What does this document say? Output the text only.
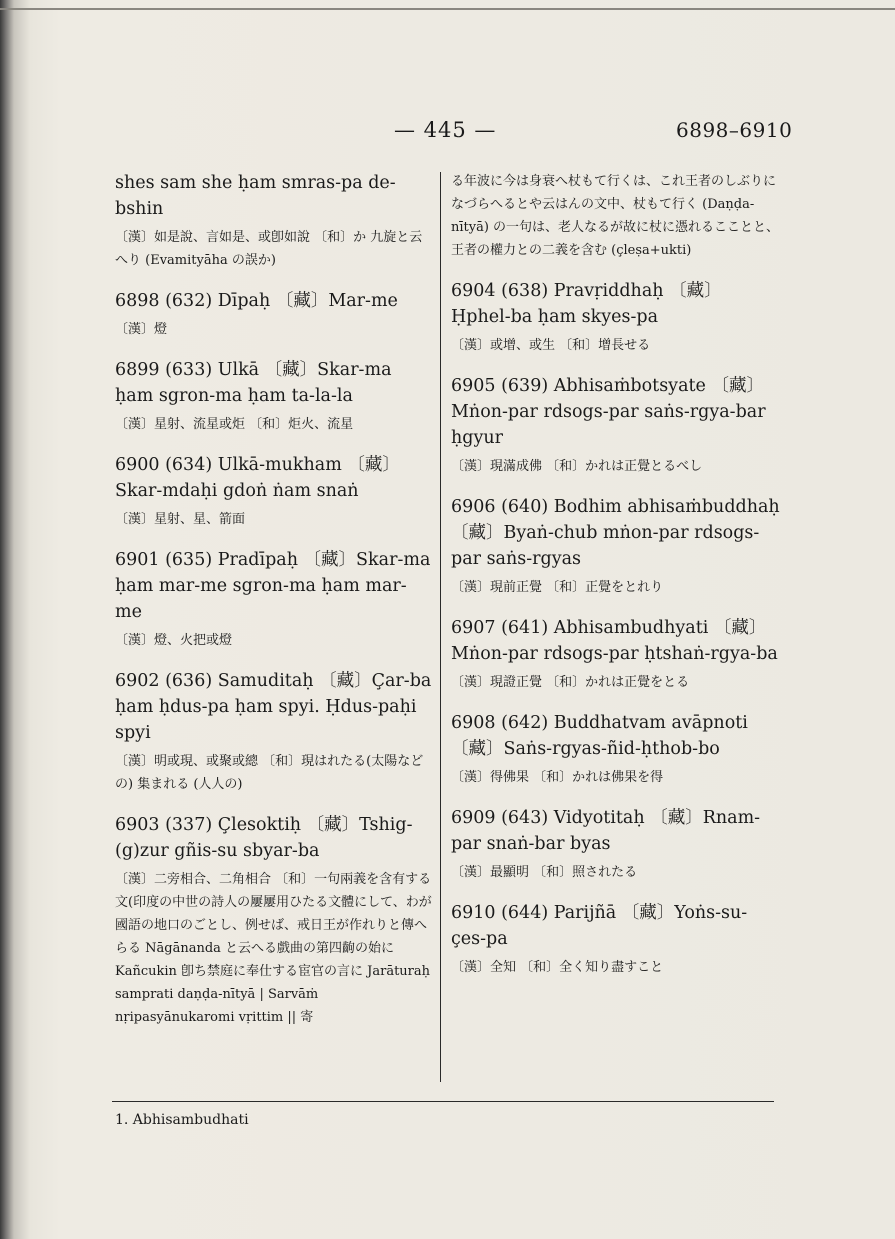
— 445 —	6898–6910
shes sam she ḥam smras-pa de-bshin
〔漢〕如是說、言如是、或卽如說 〔和〕か 九旋と云へり (Evamityāha の誤か)
6898 (632) Dīpaḥ 〔藏〕Mar-me
〔漢〕燈
6899 (633) Ulkā 〔藏〕Skar-ma ḥam sgron-ma ḥam ta-la-la
〔漢〕星射、流星或炬 〔和〕炬火、流星
6900 (634) Ulkā-mukham 〔藏〕Skar-mdaḥi gdoṅ ṅam snaṅ
〔漢〕星射、星、箭面
6901 (635) Pradīpaḥ 〔藏〕Skar-ma ḥam mar-me sgron-ma ḥam mar-me
〔漢〕燈、火把或燈
6902 (636) Samuditaḥ 〔藏〕Çar-ba ḥam ḥdus-pa ḥam spyi. Ḥdus-paḥi spyi
〔漢〕明或現、或聚或總 〔和〕現はれたる(太陽などの) 集まれる (人人の)
6903 (337) Çlesoktiḥ 〔藏〕Tshig-(g)zur gñis-su sbyar-ba
〔漢〕二旁相合、二角相合 〔和〕一句兩義を含有する文(印度の中世の詩人の屢屢用ひたる文體にして、わが國語の地口のごとし、例せば、戒日王が作れりと傳へらる Nāgānanda と云へる戲曲の第四齣の始に Kañcukin 卽ち禁庭に奉仕する宦官の言に Jarāturaḥ samprati daṇḍa-nītyā | Sarvāṁ nṛipasyānukaromi vṛittim || 寄
る年波に今は身衰へ杖もて行くは、これ王者のしぶりになづらへるとや云はんの文中、杖もて行く (Daṇḍa-nītyā) の一句は、老人なるが故に杖に憑れるこことと、王者の權力との二義を含む (çleṣa+ukti)
6904 (638) Pravṛiddhaḥ 〔藏〕Ḥphel-ba ḥam skyes-pa
〔漢〕或增、或生 〔和〕增長せる
6905 (639) Abhisaṁbotsyate 〔藏〕Mṅon-par rdsogs-par saṅs-rgya-bar ḥgyur
〔漢〕現滿成佛 〔和〕かれは正覺とるべし
6906 (640) Bodhim abhisaṁbuddhaḥ 〔藏〕Byaṅ-chub mṅon-par rdsogs-par saṅs-rgyas
〔漢〕現前正覺 〔和〕正覺をとれり
6907 (641) Abhisambudhyati 〔藏〕Mṅon-par rdsogs-par ḥtshaṅ-rgya-ba
〔漢〕現證正覺 〔和〕かれは正覺をとる
6908 (642) Buddhatvam avāpnoti 〔藏〕Saṅs-rgyas-ñid-ḥthob-bo
〔漢〕得佛果 〔和〕かれは佛果を得
6909 (643) Vidyotitaḥ 〔藏〕Rnam-par snaṅ-bar byas
〔漢〕最顯明 〔和〕照されたる
6910 (644) Parijñā 〔藏〕Yoṅs-su-çes-pa
〔漢〕全知 〔和〕全く知り盡すこと
1. Abhisambudhati
